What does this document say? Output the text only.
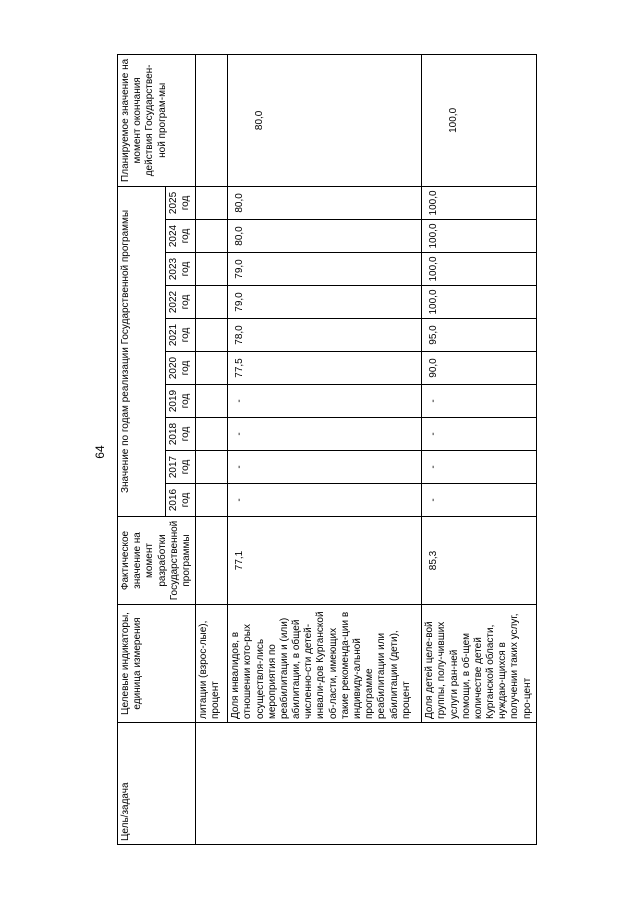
64
Цель/задача	Целевые индикаторы, единица измерения	Фактическое значение на момент разработки Государственной программы	Значение по годам реализации Государственной программы										Планируемое значение на момент окончания действия Государствен-ной програм-мы
			2016 год	2017 год	2018 год	2019 год	2020 год	2021 год	2022 год	2023 год	2024 год	2025 год	
	литации (взрос-лые), процент												
	Доля инвалидов, в отношении кото-рых осуществля-лись мероприятия по реабилитации и (или) абилитации, в общей численно-сти детей-инвали-дов Курганской об-ласти, имеющих такие рекоменда-ции в индивиду-альной программе реабилитации или абилитации (дети), процент	77,1	-	-	-	-	77,5	78,0	79,0	79,0	80,0	80,0	80,0
	Доля детей целе-вой группы, полу-чивших услуги ран-ней помощи, в об-щем количестве детей Курганской области, нуждаю-щихся в получении таких услуг, про-цент	85,3	-	-	-	-	90,0	95,0	100,0	100,0	100,0	100,0	100,0
